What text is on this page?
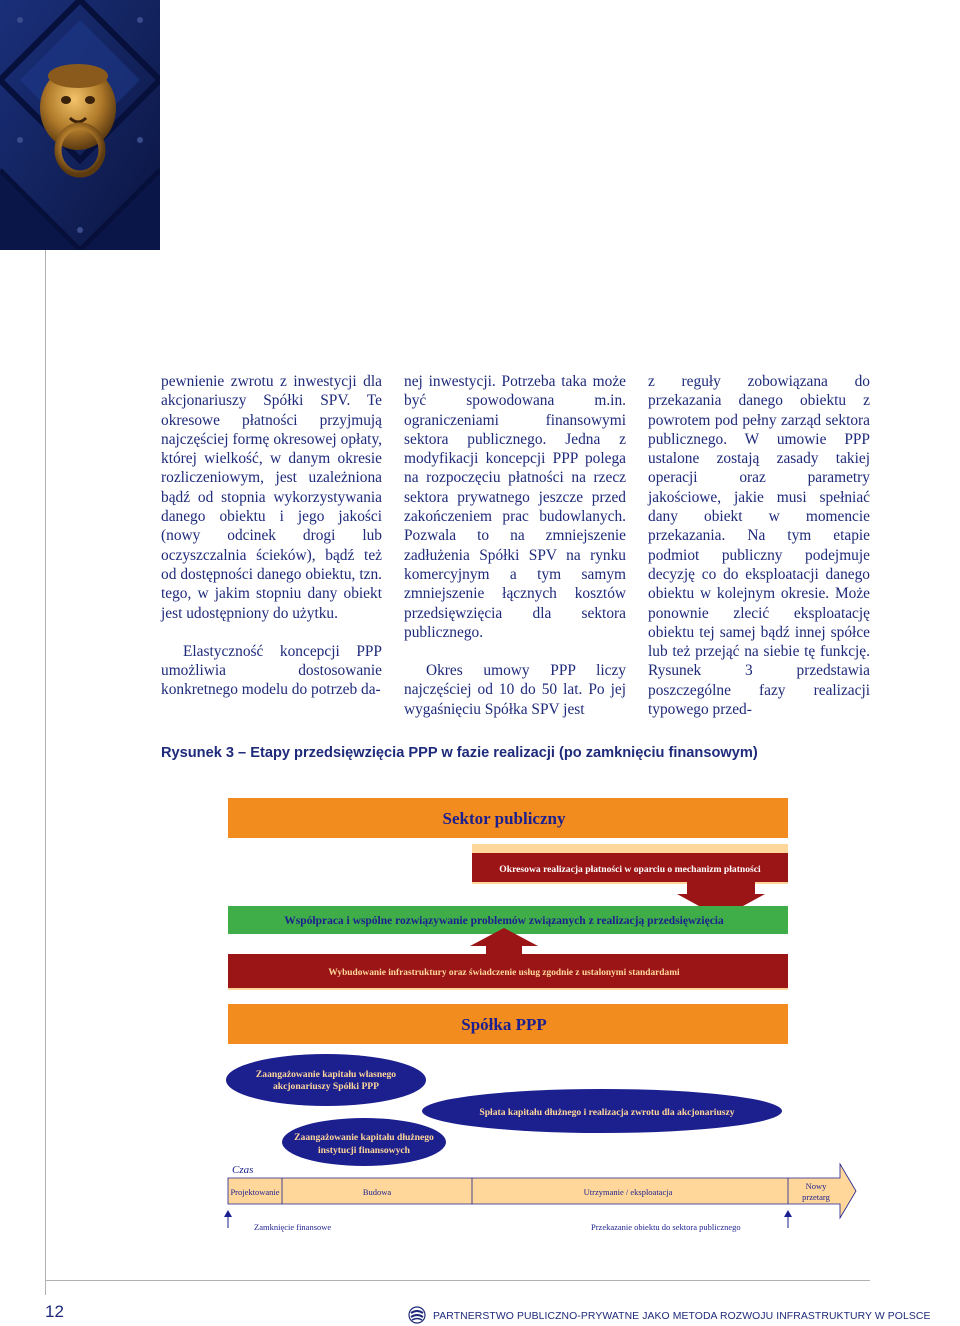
pewnienie zwrotu z inwestycji dla akcjonariuszy Spółki SPV. Te okresowe płatności przyjmują najczęściej formę okresowej opłaty, której wielkość, w danym okresie rozliczeniowym, jest uzależniona bądź od stopnia wykorzystywania danego obiektu i jego jakości (nowy odcinek drogi lub oczyszczalnia ścieków), bądź też od dostępności danego obiektu, tzn. tego, w jakim stopniu dany obiekt jest udostępniony do użytku.

Elastyczność koncepcji PPP umożliwia dostosowanie konkretnego modelu do potrzeb da-

nej inwestycji. Potrzeba taka może być spowodowana m.in. ograniczeniami finansowymi sektora publicznego. Jedna z modyfikacji koncepcji PPP polega na rozpoczęciu płatności na rzecz sektora prywatnego jeszcze przed zakończeniem prac budowlanych. Pozwala to na zmniejszenie zadłużenia Spółki SPV na rynku komercyjnym a tym samym zmniejszenie łącznych kosztów przedsięwzięcia dla sektora publicznego.

Okres umowy PPP liczy najczęściej od 10 do 50 lat. Po jej wygaśnięciu Spółka SPV jest

z reguły zobowiązana do przekazania danego obiektu z powrotem pod pełny zarząd sektora publicznego. W umowie PPP ustalone zostają zasady takiej operacji oraz parametry jakościowe, jakie musi spełniać dany obiekt w momencie przekazania. Na tym etapie podmiot publiczny podejmuje decyzję co do eksploatacji danego obiektu w kolejnym okresie. Może ponownie zlecić eksploatację obiektu tej samej bądź innej spółce lub też przejąć na siebie tę funkcję. Rysunek 3 przedstawia poszczególne fazy realizacji typowego przed-

Rysunek 3 – Etapy przedsięwzięcia PPP w fazie realizacji (po zamknięciu finansowym)
Sektor publiczny
Okresowa realizacja płatności w oparciu o mechanizm płatności
Współpraca i wspólne rozwiązywanie problemów związanych z realizacją przedsięwzięcia
Wybudowanie infrastruktury oraz świadczenie usług zgodnie z ustalonymi standardami
Spółka PPP
Zaangażowanie kapitału własnego
akcjonariuszy Spółki PPP
Spłata kapitału dłużnego i realizacja zwrotu dla akcjonariuszy
Zaangażowanie kapitału dłużnego
instytucji finansowych
Czas
Projektowanie	Budowa	Utrzymanie / eksploatacja
Nowy
przetarg
Zamknięcie finansowe	Przekazanie obiektu do sektora publicznego
12	PARTNERSTWO PUBLICZNO-PRYWATNE JAKO METODA ROZWOJU INFRASTRUKTURY W POLSCE
